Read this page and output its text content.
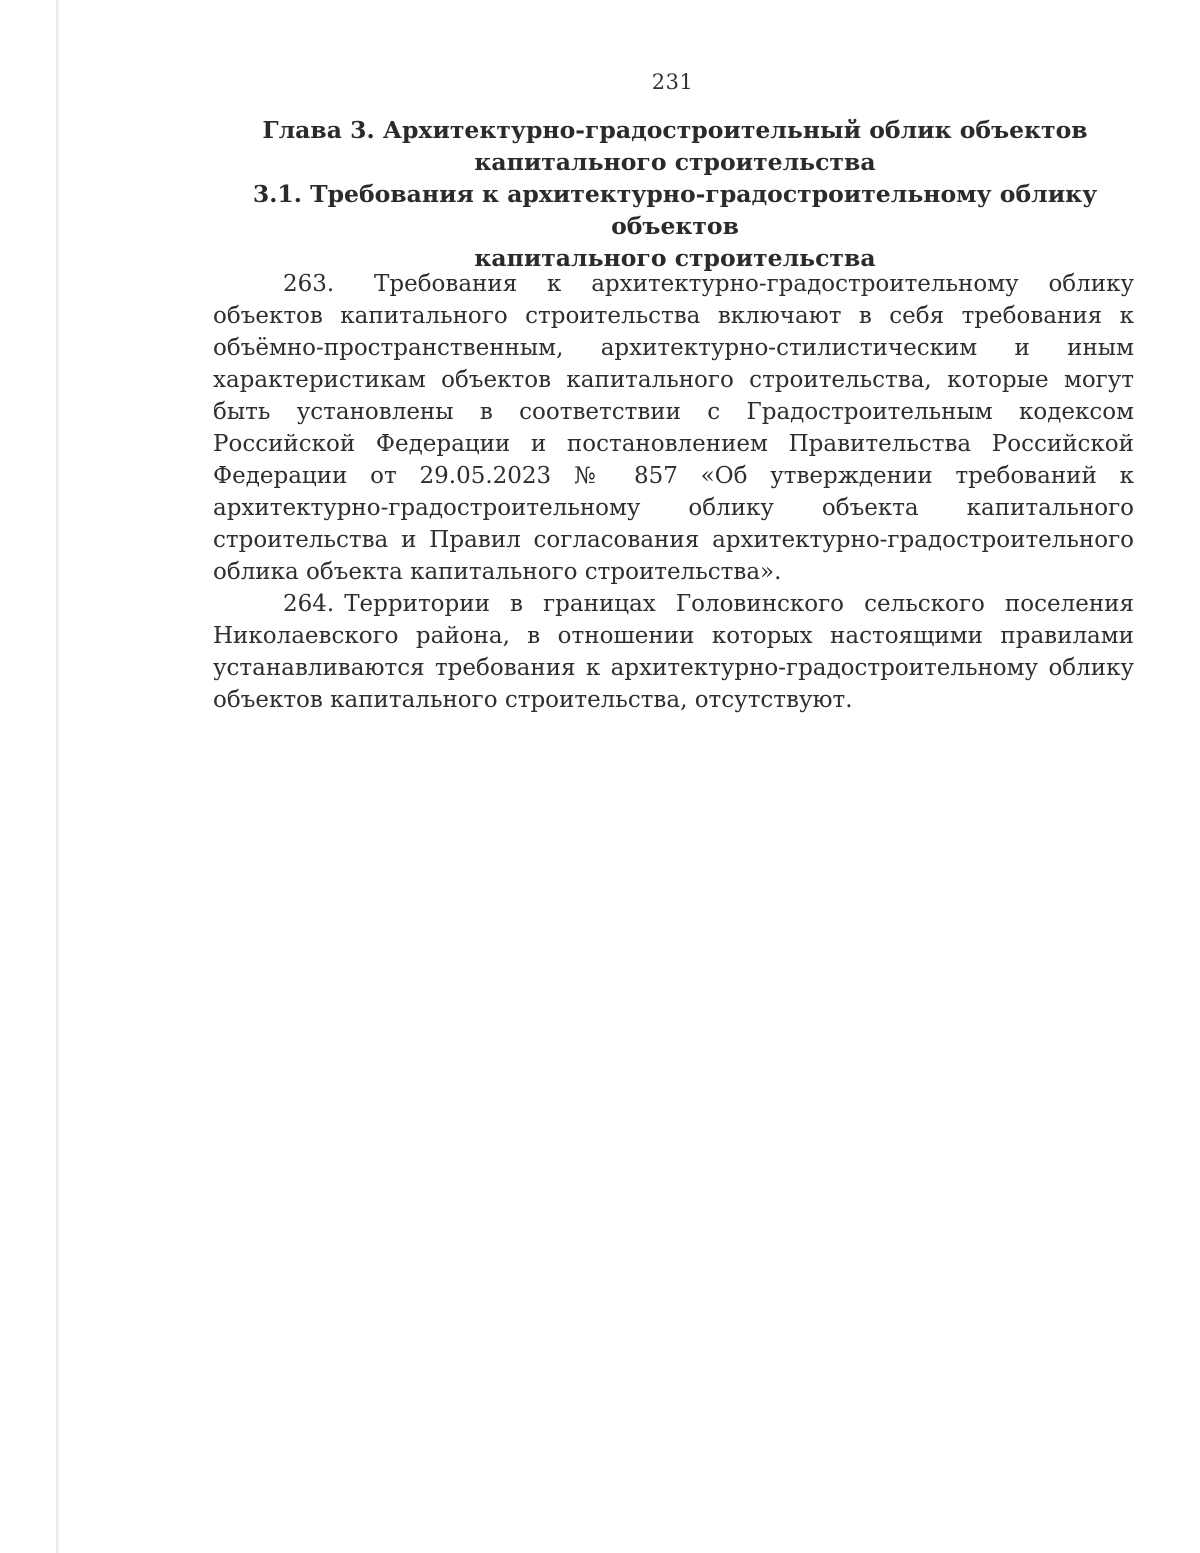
231
Глава 3. Архитектурно-градостроительный облик объектов
капитального строительства
3.1. Требования к архитектурно-градостроительному облику объектов
капитального строительства

263. Требования к архитектурно-градостроительному облику объектов капитального строительства включают в себя требования к объёмно-пространственным, архитектурно-стилистическим и иным характеристикам объектов капитального строительства, которые могут быть установлены в соответствии с Градостроительным кодексом Российской Федерации и постановлением Правительства Российской Федерации от 29.05.2023 № 857 «Об утверждении требований к архитектурно-градостроительному облику объекта капитального строительства и Правил согласования архитектурно-градостроительного облика объекта капитального строительства».

264. Территории в границах Головинского сельского поселения Николаевского района, в отношении которых настоящими правилами устанавливаются требования к архитектурно-градостроительному облику объектов капитального строительства, отсутствуют.
